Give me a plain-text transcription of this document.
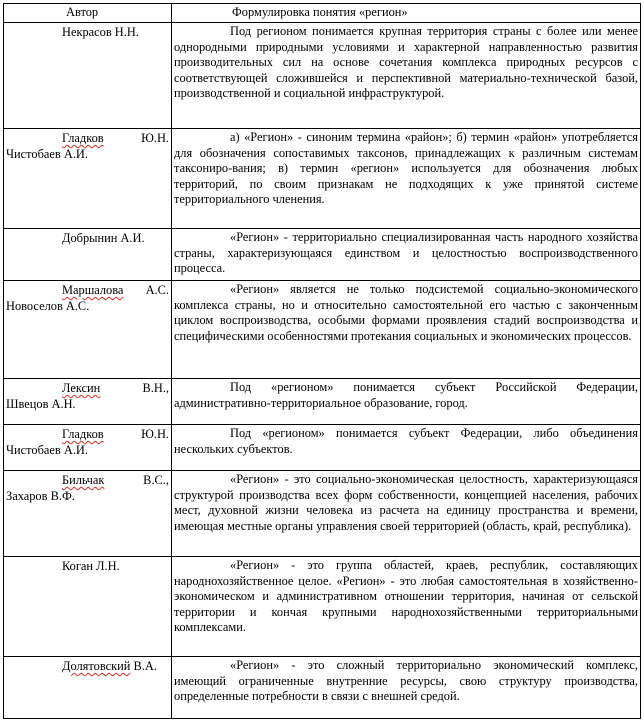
Автор	Формулировка понятия «регион»
Некрасов Н.Н.	Под регионом понимается крупная территория страны с более или менее однородными природными условиями и характерной направленностью развития производительных сил на основе сочетания комплекса природных ресурсов с соответствующей сложившейся и перспективной материально-технической базой, производственной и социальной инфраструктурой.
Гладков Ю.Н. Чистобаев А.И.	а) «Регион» - синоним термина «район»; б) термин «район» употребляется для обозначения сопоставимых таксонов, принадлежащих к различным системам таксониро-вания; в) термин «регион» используется для обозначения любых территорий, по своим признакам не подходящих к уже принятой системе территориального членения.
Добрынин А.И.	«Регион» - территориально специализированная часть народного хозяйства страны, характеризующаяся единством и целостностью воспроизводственного процесса.
Маршалова А.С. Новоселов А.С.	«Регион» является не только подсистемой социально-экономического комплекса страны, но и относительно самостоятельной его частью с законченным циклом воспроизводства, особыми формами проявления стадий воспроизводства и специфическими особенностями протекания социальных и экономических процессов.
Лексин В.Н., Швецов А.Н.	Под «регионом» понимается субъект Российской Федерации, административно-территориальное образование, город.
Гладков Ю.Н. Чистобаев А.И.	Под «регионом» понимается субъект Федерации, либо объединения нескольких субъектов.
Бильчак В.С., Захаров В.Ф.	«Регион» - это социально-экономическая целостность, характеризующаяся структурой производства всех форм собственности, концепцией населения, рабочих мест, духовной жизни человека из расчета на единицу пространства и времени, имеющая местные органы управления своей территорией (область, край, республика).
Коган Л.Н.	«Регион» - это группа областей, краев, республик, составляющих народнохозяйственное целое. «Регион» - это любая самостоятельная в хозяйственно-экономическом и административном отношении территория, начиная от сельской территории и кончая крупными народнохозяйственными территориальными комплексами.
Долятовский В.А.	«Регион» - это сложный территориально экономический комплекс, имеющий ограниченные внутренние ресурсы, свою структуру производства, определенные потребности в связи с внешней средой.
